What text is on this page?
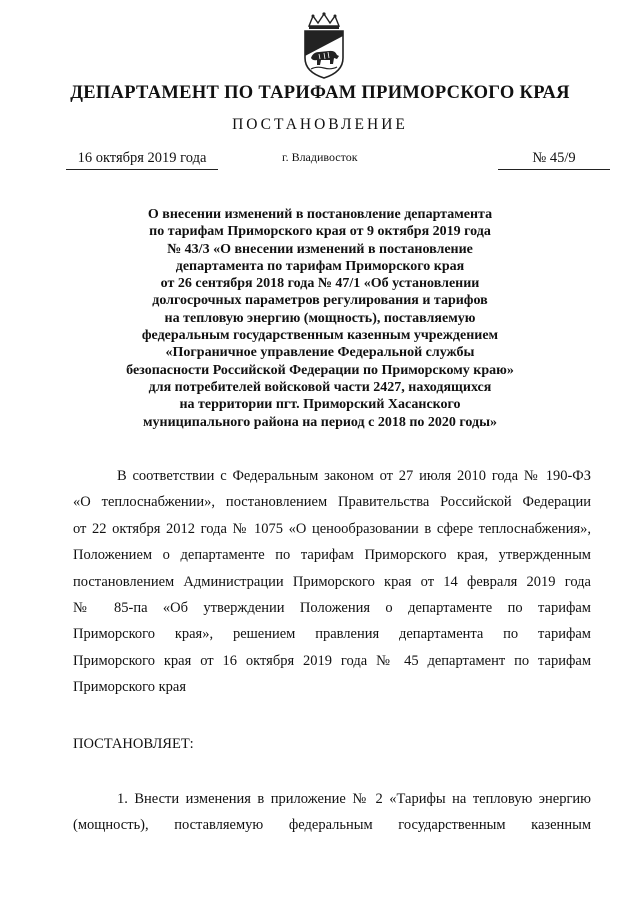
ДЕПАРТАМЕНТ ПО ТАРИФАМ ПРИМОРСКОГО КРАЯ
ПОСТАНОВЛЕНИЕ
16 октября 2019 года	г. Владивосток	№ 45/9
О внесении изменений в постановление департамента
по тарифам Приморского края от 9 октября 2019 года
№ 43/3 «О внесении изменений в постановление
департамента по тарифам Приморского края
от 26 сентября 2018 года № 47/1 «Об установлении
долгосрочных параметров регулирования и тарифов
на тепловую энергию (мощность), поставляемую
федеральным государственным казенным учреждением
«Пограничное управление Федеральной службы
безопасности Российской Федерации по Приморскому краю»
для потребителей войсковой части 2427, находящихся
на территории пгт. Приморский Хасанского
муниципального района на период с 2018 по 2020 годы»
В соответствии с Федеральным законом от 27 июля 2010 года № 190-ФЗ
«О теплоснабжении», постановлением Правительства Российской Федерации
от 22 октября 2012 года № 1075 «О ценообразовании в сфере теплоснабжения»,
Положением о департаменте по тарифам Приморского края, утвержденным
постановлением Администрации Приморского края от 14 февраля 2019 года
№ 85-па «Об утверждении Положения о департаменте по тарифам
Приморского края», решением правления департамента по тарифам
Приморского края от 16 октября 2019 года № 45 департамент по тарифам
Приморского края
ПОСТАНОВЛЯЕТ:
1. Внести изменения в приложение № 2 «Тарифы на тепловую энергию
(мощность), поставляемую федеральным государственным казенным
